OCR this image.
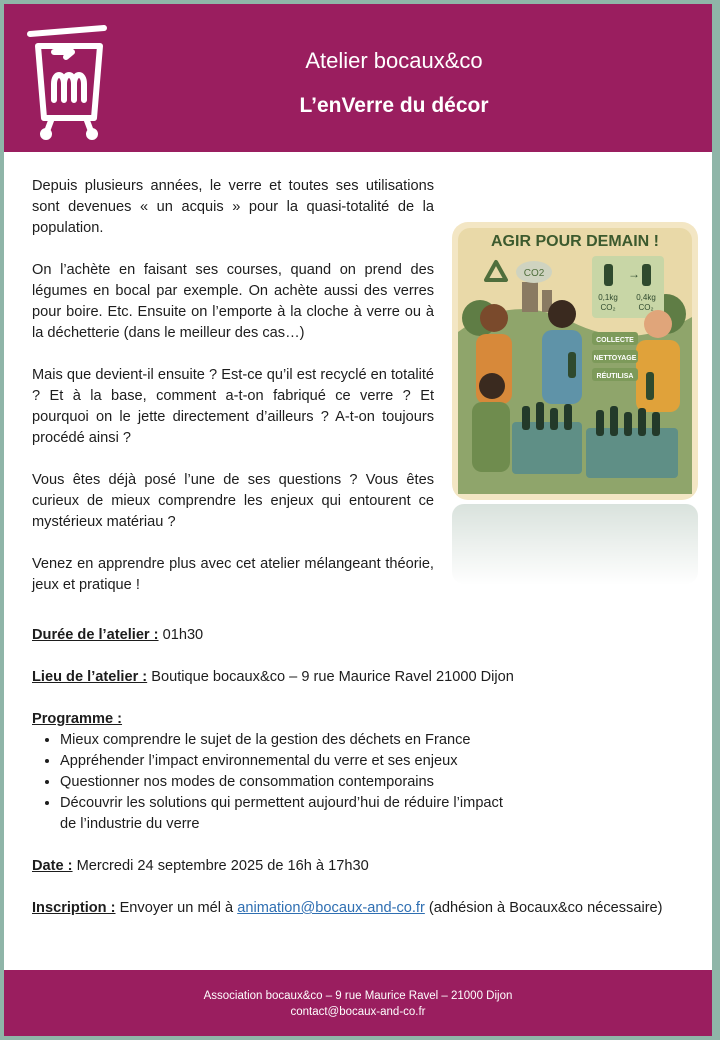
Atelier bocaux&co
L’enVerre du décor

Depuis plusieurs années, le verre et toutes ses utilisations sont devenues « un acquis » pour la quasi-totalité de la population.

On l’achète en faisant ses courses, quand on prend des légumes en bocal par exemple. On achète aussi des verres pour boire. Etc. Ensuite on l’emporte à la cloche à verre ou à la déchetterie (dans le meilleur des cas…)

Mais que devient-il ensuite ? Est-ce qu’il est recyclé en totalité ? Et à la base, comment a-t-on fabriqué ce verre ? Et pourquoi on le jette directement d’ailleurs ? A-t-on toujours procédé ainsi ?

Vous êtes déjà posé l’une de ses questions ? Vous êtes curieux de mieux comprendre les enjeux qui entourent ce mystérieux matériau ?

Venez en apprendre plus avec cet atelier mélangeant théorie, jeux et pratique !

AGIR POUR DEMAIN !
CO2	→
0,1kg 0,4kg
CO₂	CO₂
COLLECTE
NETTOYAGE
RÉUTILISA
Durée de l’atelier : 01h30
Lieu de l’atelier : Boutique bocaux&co – 9 rue Maurice Ravel 21000 Dijon
Programme :
• Mieux comprendre le sujet de la gestion des déchets en France
• Appréhender l’impact environnemental du verre et ses enjeux
• Questionner nos modes de consommation contemporains
• Découvrir les solutions qui permettent aujourd’hui de réduire l’impact de l’industrie du verre
Date : Mercredi 24 septembre 2025 de 16h à 17h30
Inscription : Envoyer un mél à animation@bocaux-and-co.fr (adhésion à Bocaux&co nécessaire)
Association bocaux&co – 9 rue Maurice Ravel – 21000 Dijon
contact@bocaux-and-co.fr
